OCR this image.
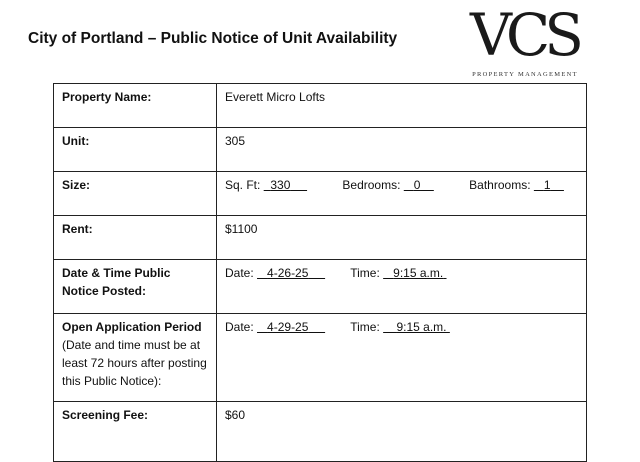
City of Portland – Public Notice of Unit Availability VCS
PROPERTY MANAGEMENT
Property Name:	Everett Micro Lofts
Unit:	305
Size:	Sq. Ft: 330 Bedrooms: 0 Bathrooms: 1
Rent:	$1100
Date & Time Public Notice Posted:	Date: 4-26-25 Time: 9:15 a.m.
Open Application Period
(Date and time must be at least 72 hours after posting this Public Notice):	Date: 4-29-25 Time: 9:15 a.m.
Screening Fee:	$60
